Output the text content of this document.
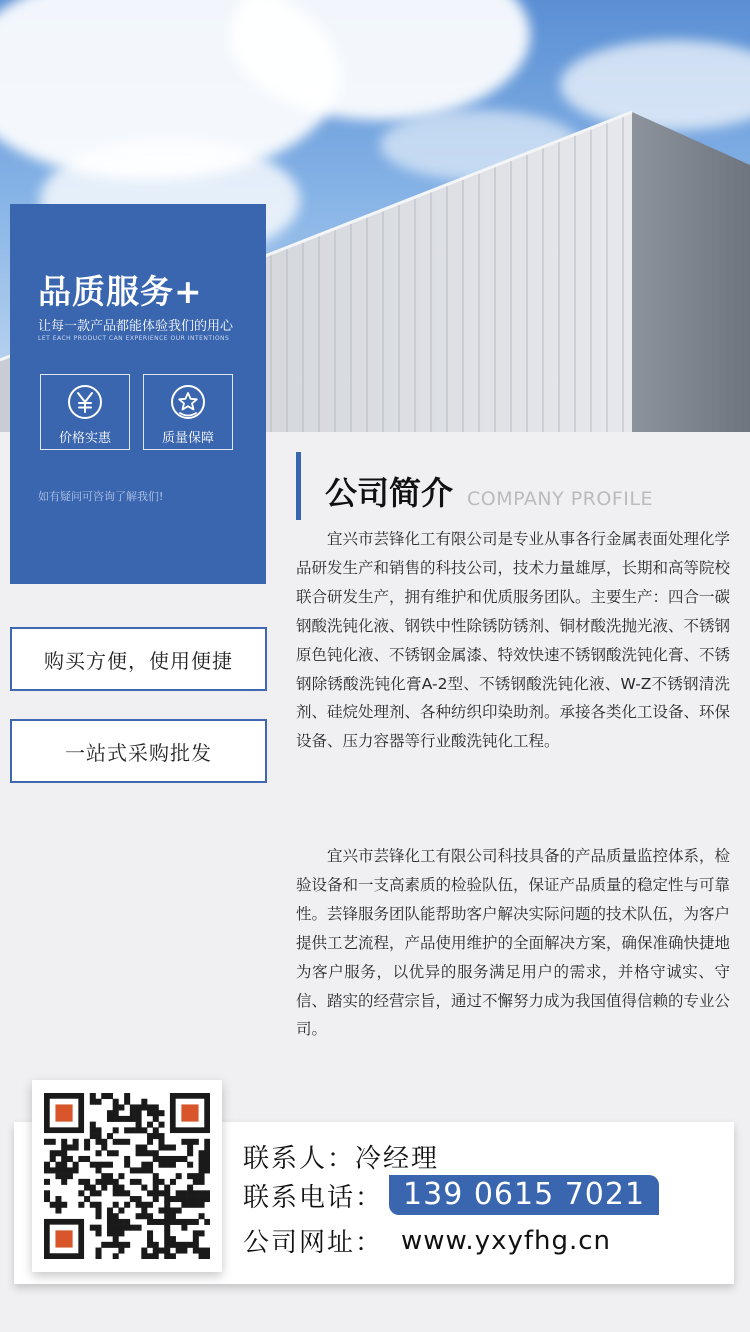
品质服务+
让每一款产品都能体验我们的用心
LET EACH PRODUCT CAN EXPERIENCE OUR INTENTIONS
价格实惠	质量保障
如有疑问可咨询了解我们!
购买方便，使用便捷
一站式采购批发
公司简介 COMPANY PROFILE

宜兴市芸锋化工有限公司是专业从事各行金属表面处理化学品研发生产和销售的科技公司，技术力量雄厚，长期和高等院校联合研发生产，拥有维护和优质服务团队。主要生产：四合一碳钢酸洗钝化液、钢铁中性除锈防锈剂、铜材酸洗抛光液、不锈钢原色钝化液、不锈钢金属漆、特效快速不锈钢酸洗钝化膏、不锈钢除锈酸洗钝化膏A-2型、不锈钢酸洗钝化液、W-Z不锈钢清洗剂、硅烷处理剂、各种纺织印染助剂。承接各类化工设备、环保设备、压力容器等行业酸洗钝化工程。

宜兴市芸锋化工有限公司科技具备的产品质量监控体系，检验设备和一支高素质的检验队伍，保证产品质量的稳定性与可靠性。芸锋服务团队能帮助客户解决实际问题的技术队伍，为客户提供工艺流程，产品使用维护的全面解决方案，确保准确快捷地为客户服务，以优异的服务满足用户的需求，并格守诚实、守信、踏实的经营宗旨，通过不懈努力成为我国值得信赖的专业公司。

联系人： 冷经理
联系电话： 139 0615 7021
公司网址： www.yxyfhg.cn
